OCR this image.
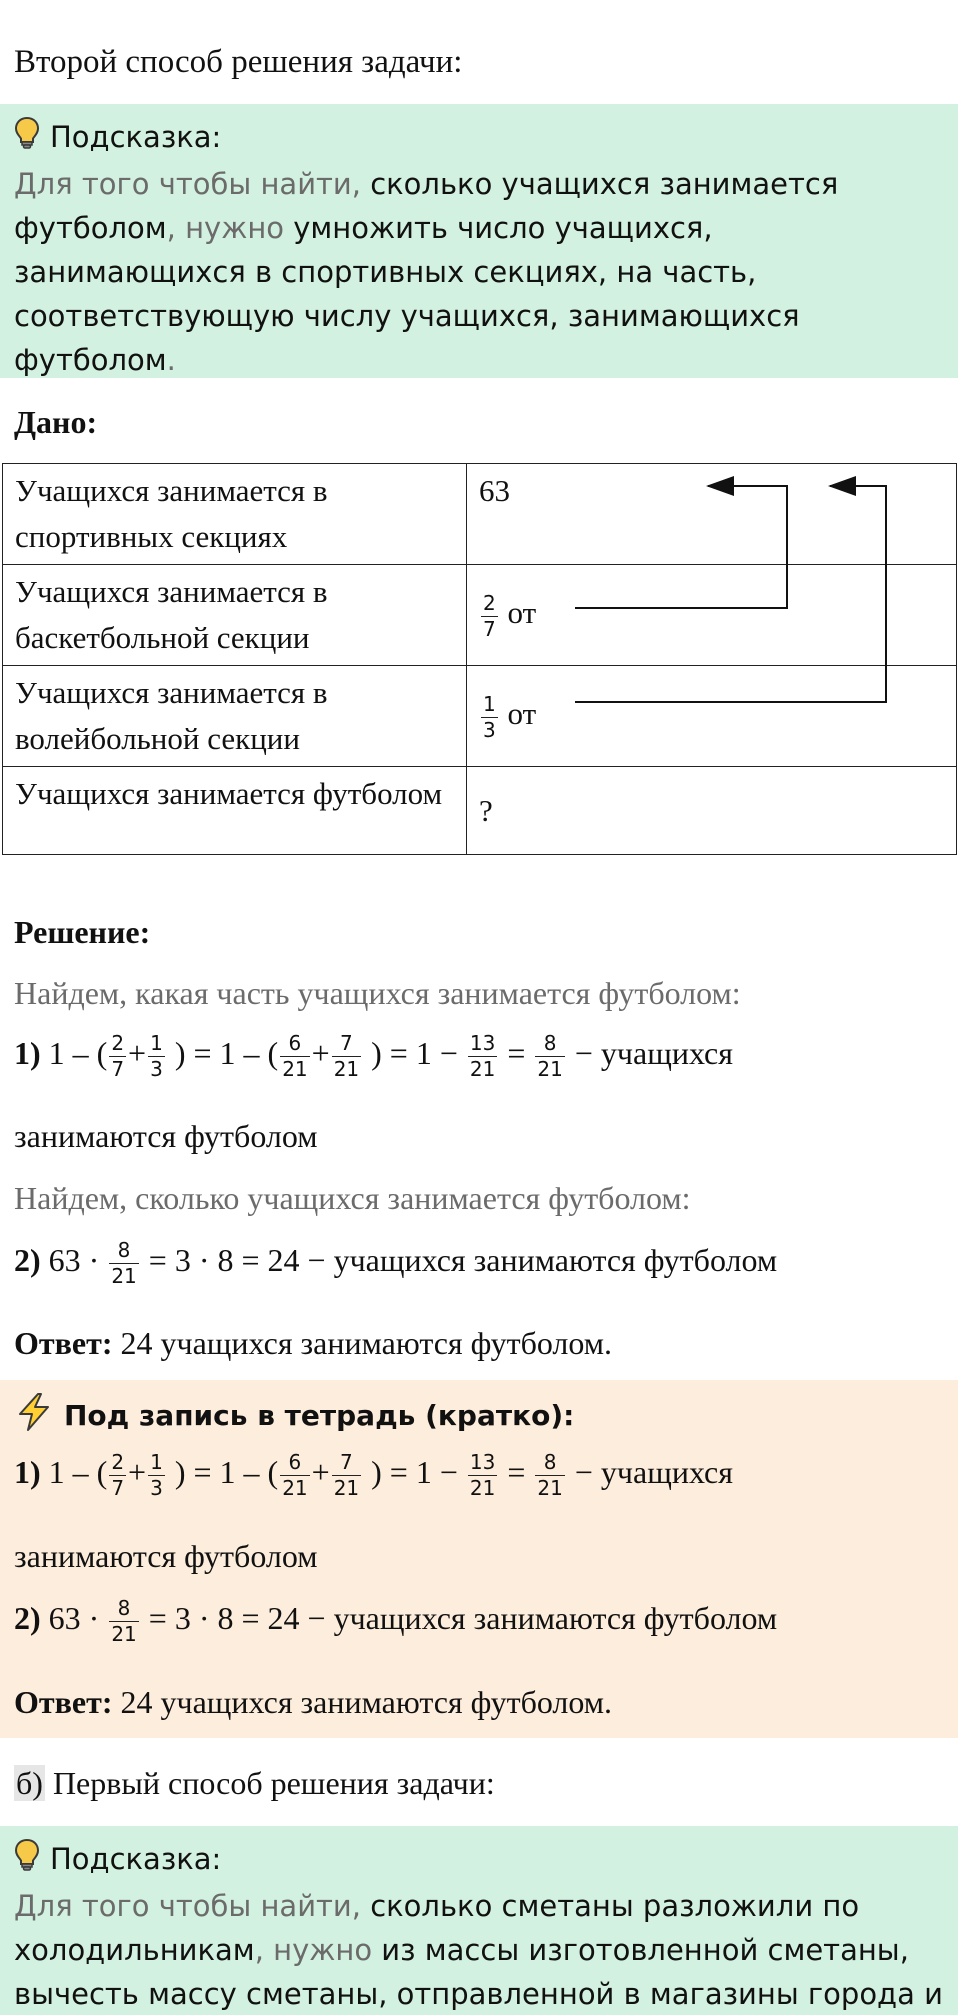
Второй способ решения задачи:
Подсказка:
Для того чтобы найти, сколько учащихся занимается футболом, нужно умножить число учащихся, занимающихся в спортивных секциях, на часть, соответствующую числу учащихся, занимающихся футболом.
Дано:
Учащихся занимается в спортивных секциях	63
Учащихся занимается в баскетбольной секции	$\frac{2}{7}$ от
Учащихся занимается в волейбольной секции	$\frac{1}{3}$ от
Учащихся занимается футболом	?
Решение:
Найдем, какая часть учащихся занимается футболом:
1) 1 – ( $\frac{2}{7} + \frac{1}{3}$ ) = 1 – ( $\frac{6}{21} + \frac{7}{21}$ ) = $1 - \frac{13}{21} = \frac{8}{21}$ − учащихся
занимаются футболом
Найдем, сколько учащихся занимается футболом:
2) $63 \cdot \frac{8}{21} = 3 \cdot 8 = 24$ − учащихся занимаются футболом
Ответ: 24 учащихся занимаются футболом.
Под запись в тетрадь (кратко):
1) 1 – ( $\frac{2}{7} + \frac{1}{3}$ ) = 1 – ( $\frac{6}{21} + \frac{7}{21}$ ) = $1 - \frac{13}{21} = \frac{8}{21}$ − учащихся
занимаются футболом
2) $63 \cdot \frac{8}{21} = 3 \cdot 8 = 24$ − учащихся занимаются футболом
Ответ: 24 учащихся занимаются футболом.
б) Первый способ решения задачи:
Подсказка:
Для того чтобы найти, сколько сметаны разложили по холодильникам, нужно из массы изготовленной сметаны, вычесть массу сметаны, отправленной в магазины города и
